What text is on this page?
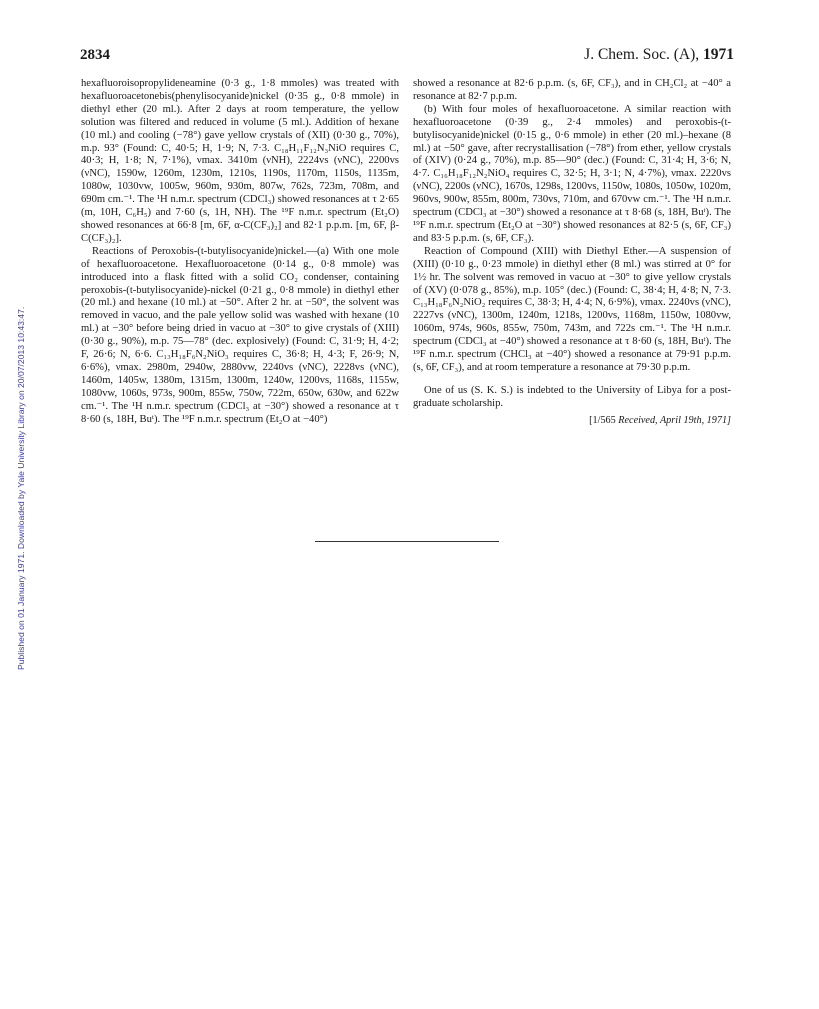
Published on 01 January 1971. Downloaded by Yale University Library on 20/07/2013 10:43:47.
2834	J. Chem. Soc. (A), 1971

hexafluoroisopropylideneamine (0·3 g., 1·8 mmoles) was treated with hexafluoroacetonebis(phenylisocyanide)nickel (0·35 g., 0·8 mmole) in diethyl ether (20 ml.). After 2 days at room temperature, the yellow solution was filtered and reduced in volume (5 ml.). Addition of hexane (10 ml.) and cooling (−78°) gave yellow crystals of (XII) (0·30 g., 70%), m.p. 93° (Found: C, 40·5; H, 1·9; N, 7·3. C₁₈H₁₁F₁₂N₃NiO requires C, 40·3; H, 1·8; N, 7·1%), νmax. 3410m (νNH), 2224vs (νNC), 2200vs (νNC), 1590w, 1260m, 1230m, 1210s, 1190s, 1170m, 1150s, 1135m, 1080w, 1030vw, 1005w, 960m, 930m, 807w, 762s, 723m, 708m, and 690m cm.⁻¹. The ¹H n.m.r. spectrum (CDCl₃) showed resonances at τ 2·65 (m, 10H, C₆H₅) and 7·60 (s, 1H, NH). The ¹⁹F n.m.r. spectrum (Et₂O) showed resonances at 66·8 [m, 6F, α-C(CF₃)₂] and 82·1 p.p.m. [m, 6F, β-C(CF₃)₂].

Reactions of Peroxobis-(t-butylisocyanide)nickel.—(a) With one mole of hexafluoroacetone. Hexafluoroacetone (0·14 g., 0·8 mmole) was introduced into a flask fitted with a solid CO₂ condenser, containing peroxobis-(t-butylisocyanide)-nickel (0·21 g., 0·8 mmole) in diethyl ether (20 ml.) and hexane (10 ml.) at −50°. After 2 hr. at −50°, the solvent was removed in vacuo, and the pale yellow solid was washed with hexane (10 ml.) at −30° before being dried in vacuo at −30° to give crystals of (XIII) (0·30 g., 90%), m.p. 75—78° (dec. explosively) (Found: C, 31·9; H, 4·2; F, 26·6; N, 6·6. C₁₃H₁₈F₆N₂NiO₃ requires C, 36·8; H, 4·3; F, 26·9; N, 6·6%), νmax. 2980m, 2940w, 2880vw, 2240vs (νNC), 2228vs (νNC), 1460m, 1405w, 1380m, 1315m, 1300m, 1240w, 1200vs, 1168s, 1155w, 1080vw, 1060s, 973s, 900m, 855w, 750w, 722m, 650w, 630w, and 622w cm.⁻¹. The ¹H n.m.r. spectrum (CDCl₃ at −30°) showed a resonance at τ 8·60 (s, 18H, Buᵗ). The ¹⁹F n.m.r. spectrum (Et₂O at −40°)

showed a resonance at 82·6 p.p.m. (s, 6F, CF₃), and in CH₂Cl₂ at −40° a resonance at 82·7 p.p.m.

(b) With four moles of hexafluoroacetone. A similar reaction with hexafluoroacetone (0·39 g., 2·4 mmoles) and peroxobis-(t-butylisocyanide)nickel (0·15 g., 0·6 mmole) in ether (20 ml.)–hexane (8 ml.) at −50° gave, after recrystallisation (−78°) from ether, yellow crystals of (XIV) (0·24 g., 70%), m.p. 85—90° (dec.) (Found: C, 31·4; H, 3·6; N, 4·7. C₁₆H₁₈F₁₂N₂NiO₄ requires C, 32·5; H, 3·1; N, 4·7%), νmax. 2220vs (νNC), 2200s (νNC), 1670s, 1298s, 1200vs, 1150w, 1080s, 1050w, 1020m, 960vs, 900w, 855m, 800m, 730vs, 710m, and 670vw cm.⁻¹. The ¹H n.m.r. spectrum (CDCl₃ at −30°) showed a resonance at τ 8·68 (s, 18H, Buᵗ). The ¹⁹F n.m.r. spectrum (Et₂O at −30°) showed resonances at 82·5 (s, 6F, CF₃) and 83·5 p.p.m. (s, 6F, CF₃).

Reaction of Compound (XIII) with Diethyl Ether.—A suspension of (XIII) (0·10 g., 0·23 mmole) in diethyl ether (8 ml.) was stirred at 0° for 1½ hr. The solvent was removed in vacuo at −30° to give yellow crystals of (XV) (0·078 g., 85%), m.p. 105° (dec.) (Found: C, 38·4; H, 4·8; N, 7·3. C₁₃H₁₈F₆N₂NiO₂ requires C, 38·3; H, 4·4; N, 6·9%), νmax. 2240vs (νNC), 2227vs (νNC), 1300m, 1240m, 1218s, 1200vs, 1168m, 1150w, 1080vw, 1060m, 974s, 960s, 855w, 750m, 743m, and 722s cm.⁻¹. The ¹H n.m.r. spectrum (CDCl₃ at −40°) showed a resonance at τ 8·60 (s, 18H, Buᵗ). The ¹⁹F n.m.r. spectrum (CHCl₃ at −40°) showed a resonance at 79·91 p.p.m. (s, 6F, CF₃), and at room temperature a resonance at 79·30 p.p.m.

One of us (S. K. S.) is indebted to the University of Libya for a post-graduate scholarship.

[1/565 Received, April 19th, 1971]
